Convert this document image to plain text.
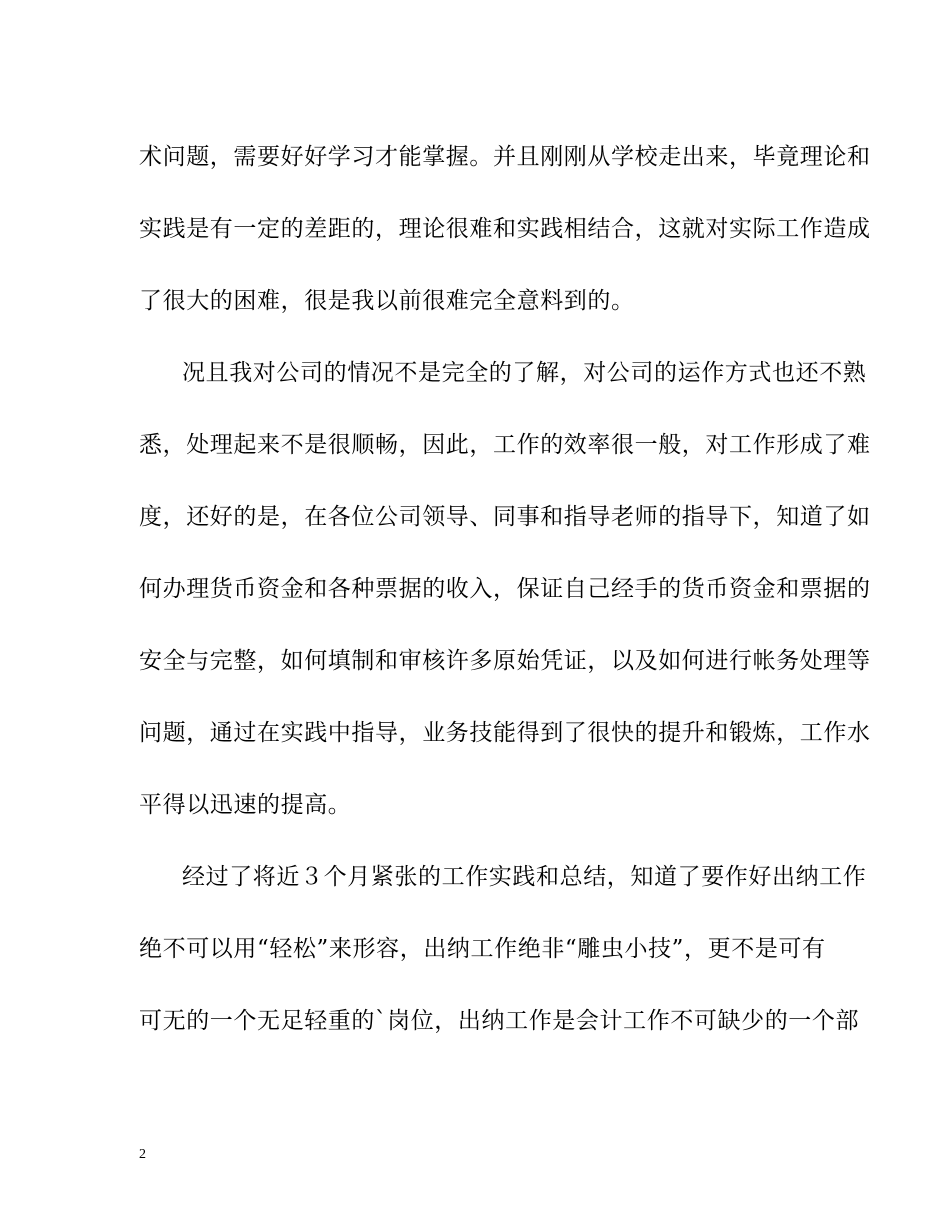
术问题，需要好好学习才能掌握。并且刚刚从学校走出来，毕竟理论和
实践是有一定的差距的，理论很难和实践相结合，这就对实际工作造成
了很大的困难，很是我以前很难完全意料到的。
况且我对公司的情况不是完全的了解，对公司的运作方式也还不熟
悉，处理起来不是很顺畅，因此，工作的效率很一般，对工作形成了难
度，还好的是，在各位公司领导、同事和指导老师的指导下，知道了如
何办理货币资金和各种票据的收入，保证自己经手的货币资金和票据的
安全与完整，如何填制和审核许多原始凭证，以及如何进行帐务处理等
问题，通过在实践中指导，业务技能得到了很快的提升和锻炼，工作水
平得以迅速的提高。
经过了将近３个月紧张的工作实践和总结，知道了要作好出纳工作
绝不可以用“轻松”来形容，出纳工作绝非“雕虫小技”，更不是可有
可无的一个无足轻重的`岗位，出纳工作是会计工作不可缺少的一个部
2
